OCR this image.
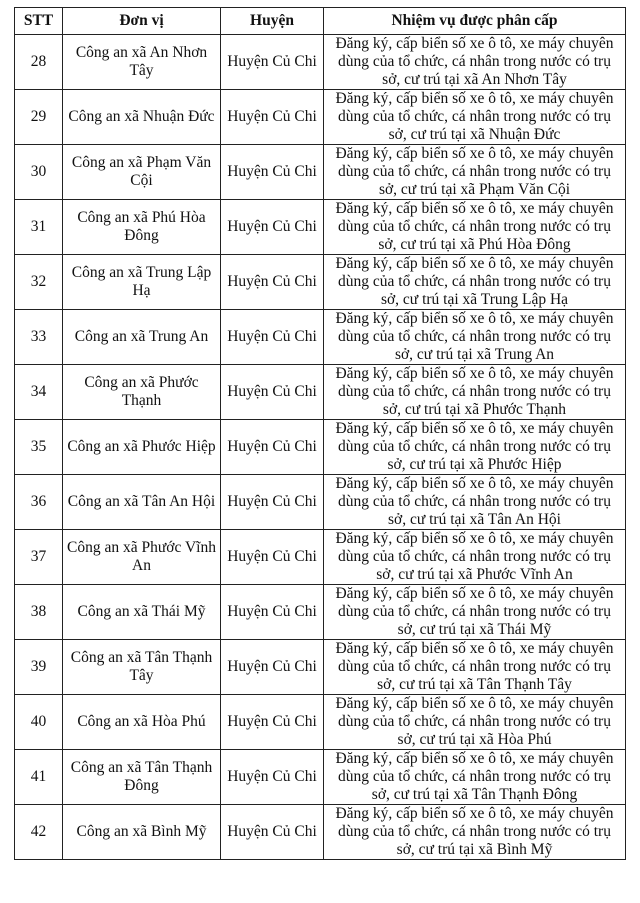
STT	Đơn vị	Huyện	Nhiệm vụ được phân cấp
28	Công an xã An Nhơn Tây	Huyện Củ Chi	Đăng ký, cấp biển số xe ô tô, xe máy chuyên dùng của tổ chức, cá nhân trong nước có trụ sở, cư trú tại xã An Nhơn Tây
29	Công an xã Nhuận Đức	Huyện Củ Chi	Đăng ký, cấp biển số xe ô tô, xe máy chuyên dùng của tổ chức, cá nhân trong nước có trụ sở, cư trú tại xã Nhuận Đức
30	Công an xã Phạm Văn Cội	Huyện Củ Chi	Đăng ký, cấp biển số xe ô tô, xe máy chuyên dùng của tổ chức, cá nhân trong nước có trụ sở, cư trú tại xã Phạm Văn Cội
31	Công an xã Phú Hòa Đông	Huyện Củ Chi	Đăng ký, cấp biển số xe ô tô, xe máy chuyên dùng của tổ chức, cá nhân trong nước có trụ sở, cư trú tại xã Phú Hòa Đông
32	Công an xã Trung Lập Hạ	Huyện Củ Chi	Đăng ký, cấp biển số xe ô tô, xe máy chuyên dùng của tổ chức, cá nhân trong nước có trụ sở, cư trú tại xã Trung Lập Hạ
33	Công an xã Trung An	Huyện Củ Chi	Đăng ký, cấp biển số xe ô tô, xe máy chuyên dùng của tổ chức, cá nhân trong nước có trụ sở, cư trú tại xã Trung An
34	Công an xã Phước Thạnh	Huyện Củ Chi	Đăng ký, cấp biển số xe ô tô, xe máy chuyên dùng của tổ chức, cá nhân trong nước có trụ sở, cư trú tại xã Phước Thạnh
35	Công an xã Phước Hiệp	Huyện Củ Chi	Đăng ký, cấp biển số xe ô tô, xe máy chuyên dùng của tổ chức, cá nhân trong nước có trụ sở, cư trú tại xã Phước Hiệp
36	Công an xã Tân An Hội	Huyện Củ Chi	Đăng ký, cấp biển số xe ô tô, xe máy chuyên dùng của tổ chức, cá nhân trong nước có trụ sở, cư trú tại xã Tân An Hội
37	Công an xã Phước Vĩnh An	Huyện Củ Chi	Đăng ký, cấp biển số xe ô tô, xe máy chuyên dùng của tổ chức, cá nhân trong nước có trụ sở, cư trú tại xã Phước Vĩnh An
38	Công an xã Thái Mỹ	Huyện Củ Chi	Đăng ký, cấp biển số xe ô tô, xe máy chuyên dùng của tổ chức, cá nhân trong nước có trụ sở, cư trú tại xã Thái Mỹ
39	Công an xã Tân Thạnh Tây	Huyện Củ Chi	Đăng ký, cấp biển số xe ô tô, xe máy chuyên dùng của tổ chức, cá nhân trong nước có trụ sở, cư trú tại xã Tân Thạnh Tây
40	Công an xã Hòa Phú	Huyện Củ Chi	Đăng ký, cấp biển số xe ô tô, xe máy chuyên dùng của tổ chức, cá nhân trong nước có trụ sở, cư trú tại xã Hòa Phú
41	Công an xã Tân Thạnh Đông	Huyện Củ Chi	Đăng ký, cấp biển số xe ô tô, xe máy chuyên dùng của tổ chức, cá nhân trong nước có trụ sở, cư trú tại xã Tân Thạnh Đông
42	Công an xã Bình Mỹ	Huyện Củ Chi	Đăng ký, cấp biển số xe ô tô, xe máy chuyên dùng của tổ chức, cá nhân trong nước có trụ sở, cư trú tại xã Bình Mỹ
